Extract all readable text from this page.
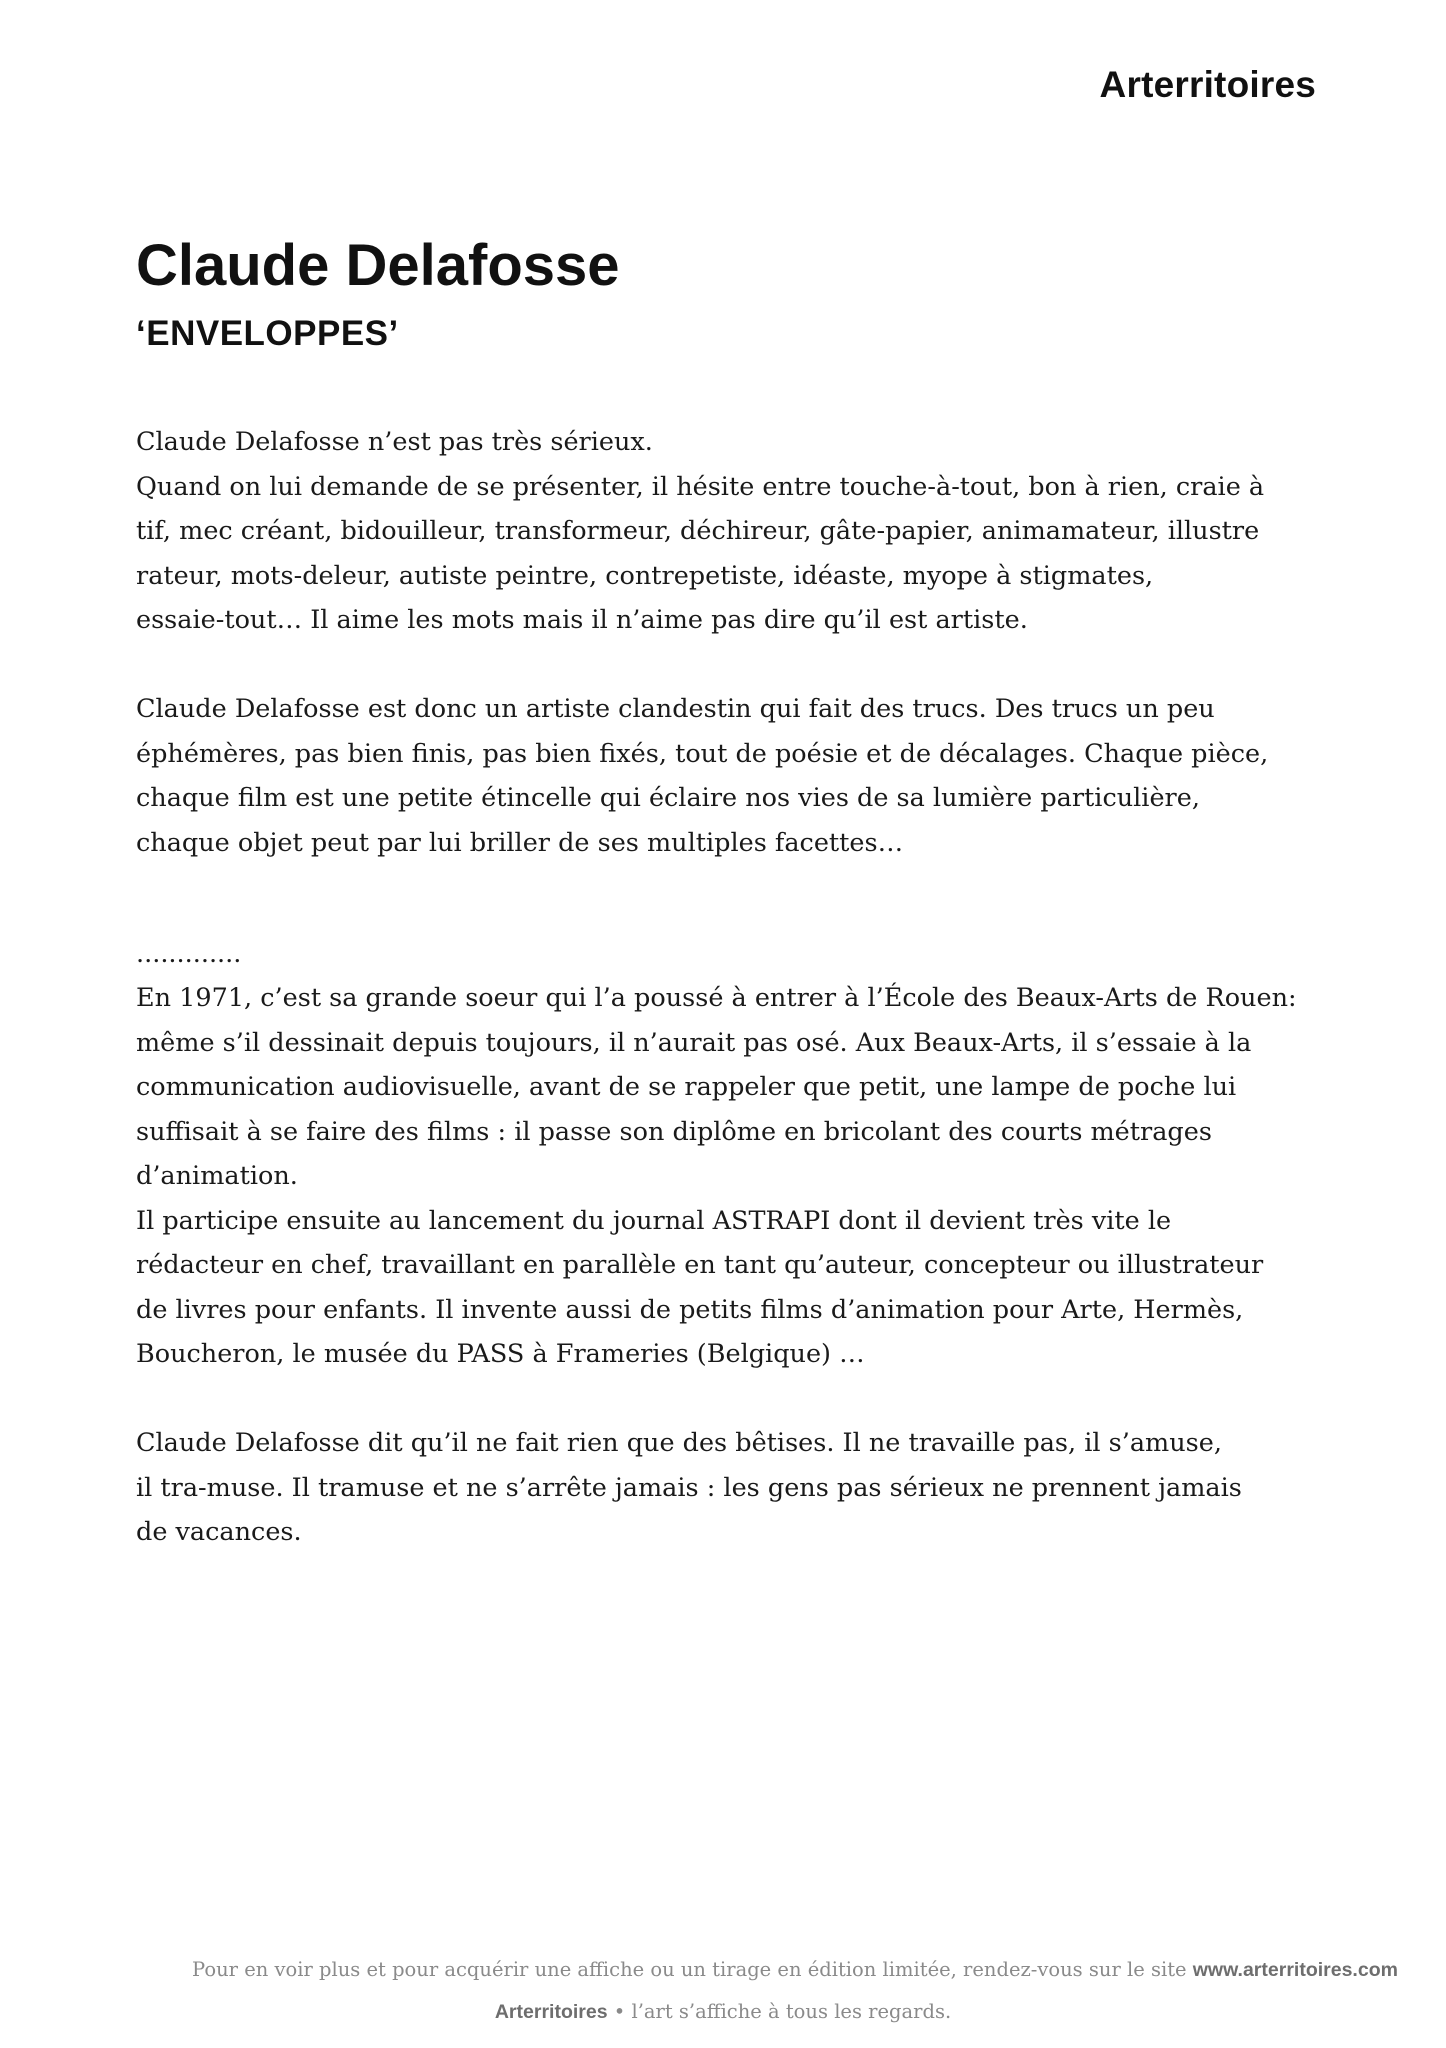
Arterritoires
Claude Delafosse
‘ENVELOPPES’

Claude Delafosse n’est pas très sérieux.
Quand on lui demande de se présenter, il hésite entre touche-à-tout, bon à rien, craie à
tif, mec créant, bidouilleur, transformeur, déchireur, gâte-papier, animamateur, illustre
rateur, mots-deleur, autiste peintre, contrepetiste, idéaste, myope à stigmates,
essaie-tout… Il aime les mots mais il n’aime pas dire qu’il est artiste.

Claude Delafosse est donc un artiste clandestin qui fait des trucs. Des trucs un peu
éphémères, pas bien finis, pas bien fixés, tout de poésie et de décalages. Chaque pièce,
chaque film est une petite étincelle qui éclaire nos vies de sa lumière particulière,
chaque objet peut par lui briller de ses multiples facettes…

.............
En 1971, c’est sa grande soeur qui l’a poussé à entrer à l’École des Beaux-Arts de Rouen:
même s’il dessinait depuis toujours, il n’aurait pas osé. Aux Beaux-Arts, il s’essaie à la
communication audiovisuelle, avant de se rappeler que petit, une lampe de poche lui
suffisait à se faire des films : il passe son diplôme en bricolant des courts métrages
d’animation.
Il participe ensuite au lancement du journal ASTRAPI dont il devient très vite le
rédacteur en chef, travaillant en parallèle en tant qu’auteur, concepteur ou illustrateur
de livres pour enfants. Il invente aussi de petits films d’animation pour Arte, Hermès,
Boucheron, le musée du PASS à Frameries (Belgique) …

Claude Delafosse dit qu’il ne fait rien que des bêtises. Il ne travaille pas, il s’amuse,
il tra-muse. Il tramuse et ne s’arrête jamais : les gens pas sérieux ne prennent jamais
de vacances.

Pour en voir plus et pour acquérir une affiche ou un tirage en édition limitée, rendez-vous sur le site www.arterritoires.com
Arterritoires • l’art s’affiche à tous les regards.
